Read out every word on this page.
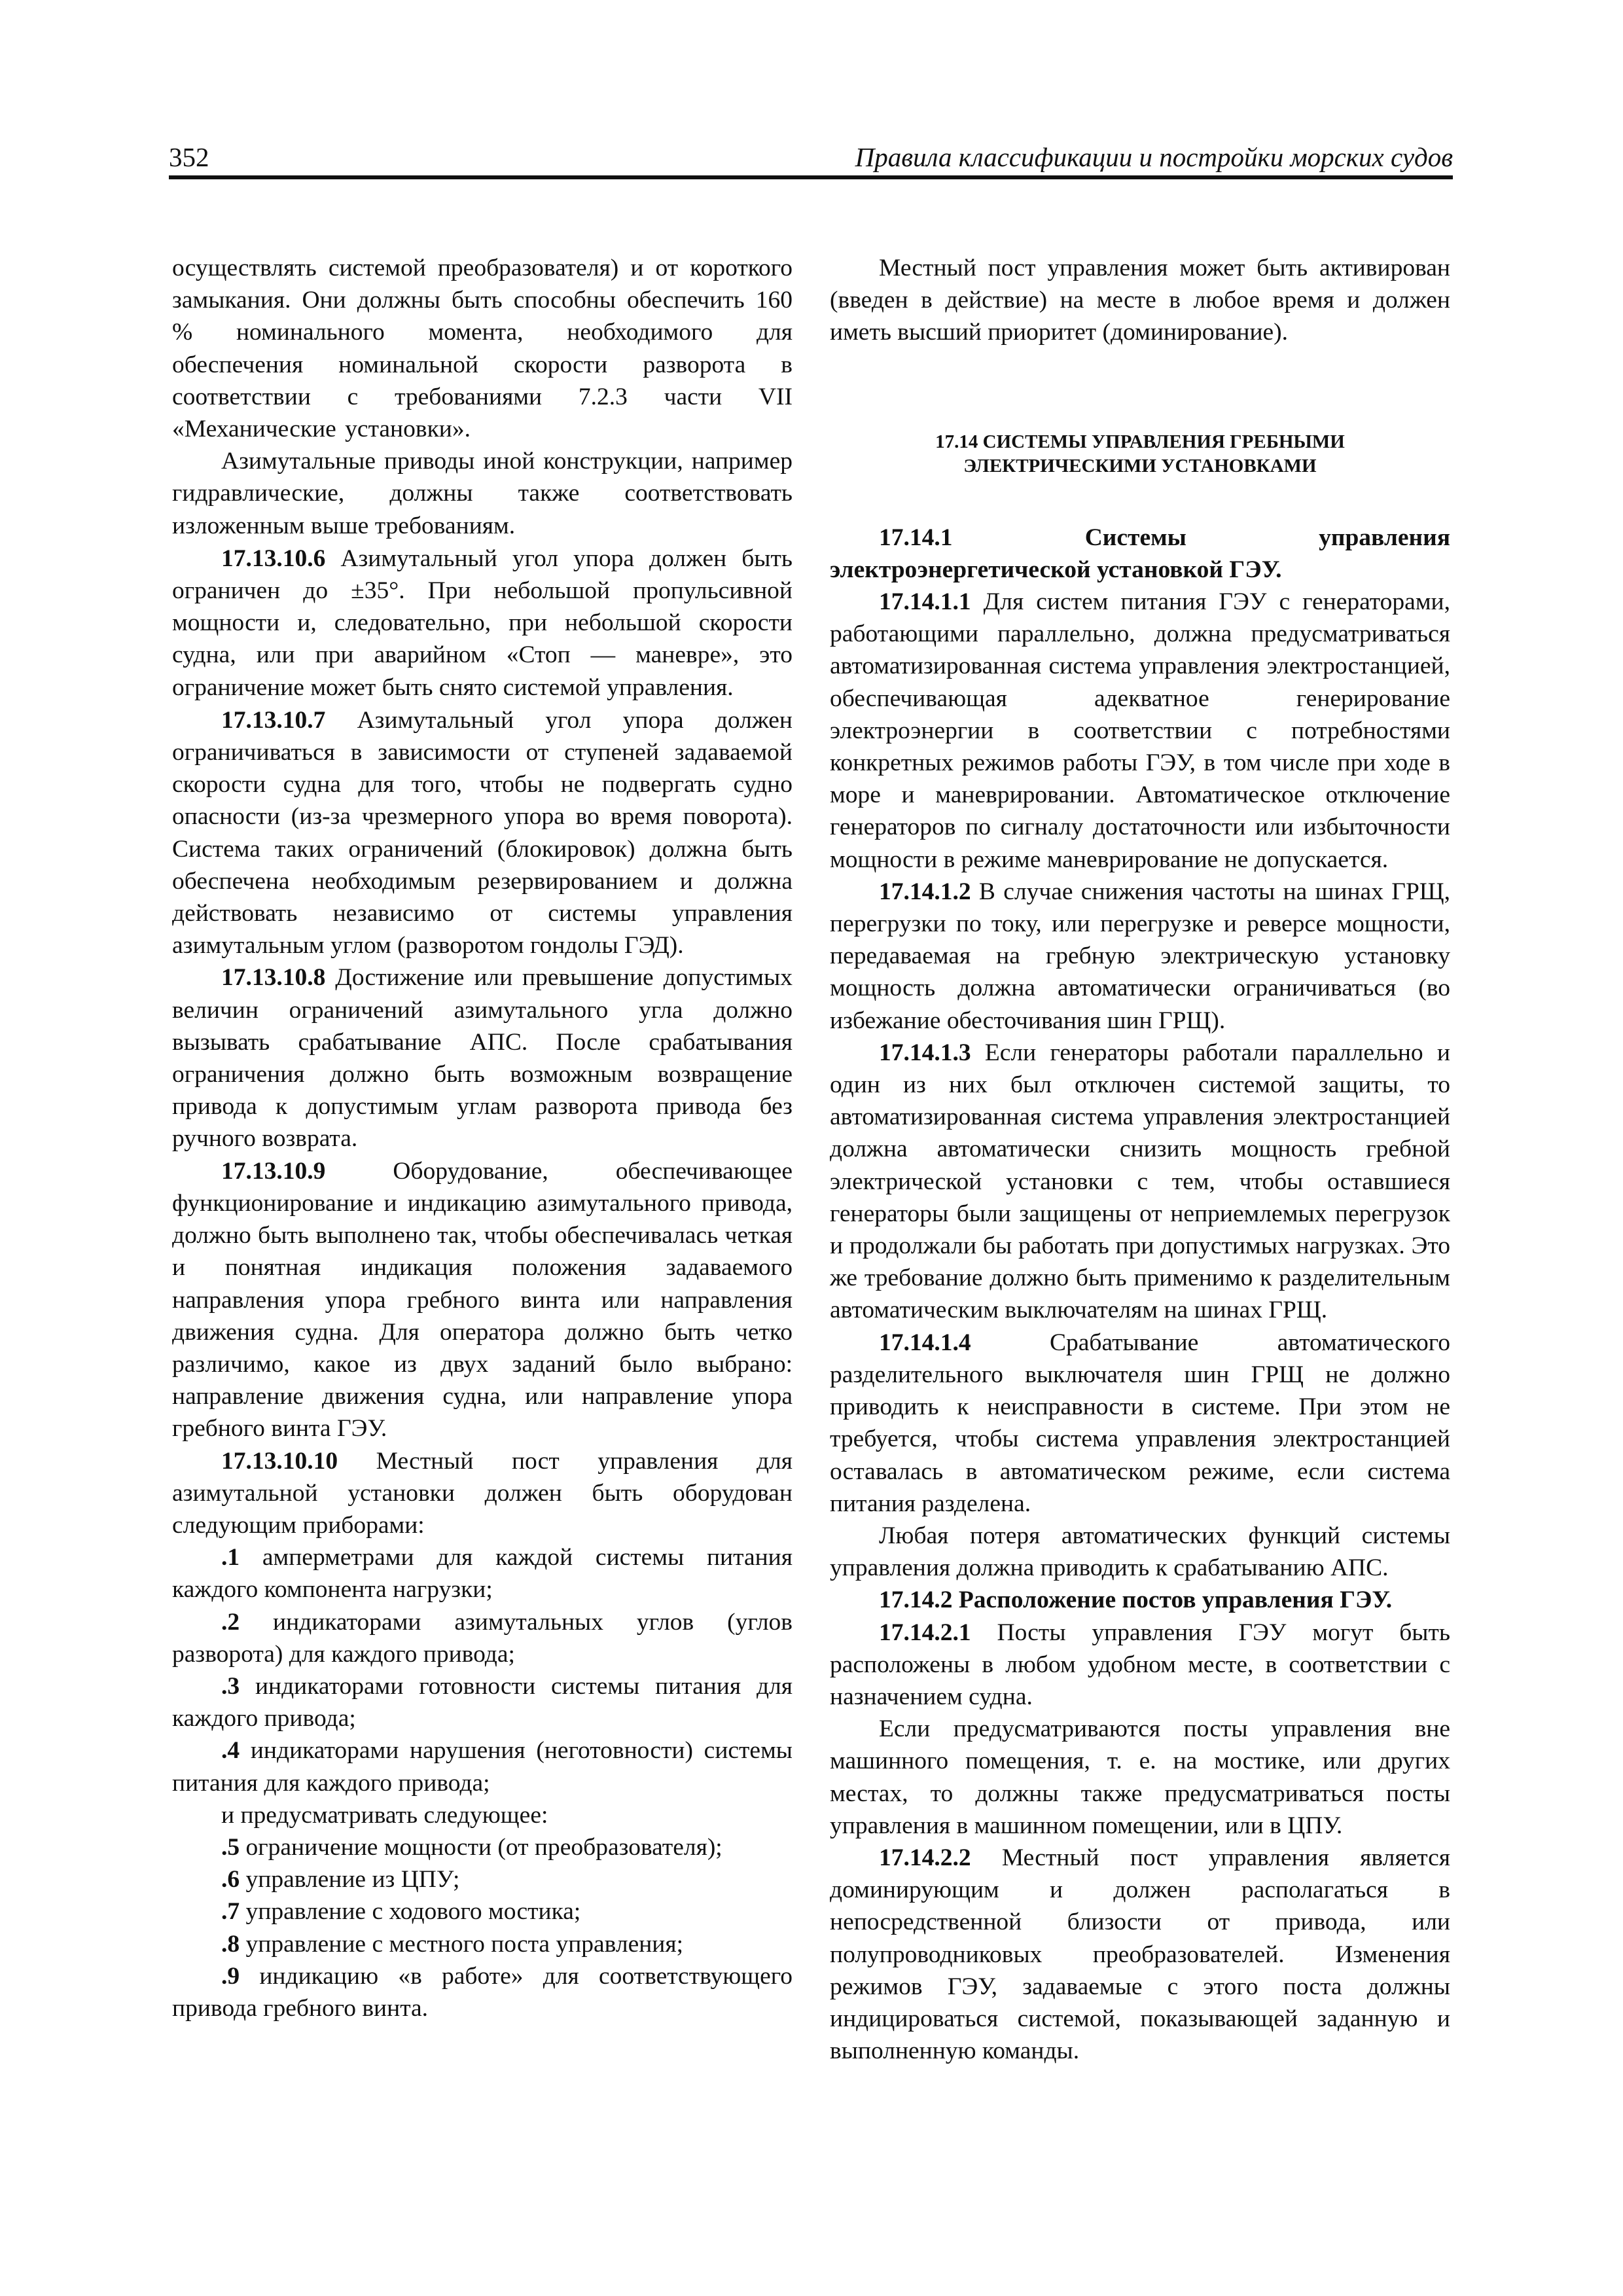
352	Правила классификации и постройки морских судов

осуществлять системой преобразователя) и от короткого замыкания. Они должны быть способны обеспечить 160 % номинального момента, необходимого для обеспечения номинальной скорости разворота в соответствии с требованиями 7.2.3 части VII «Механические установки».

Азимутальные приводы иной конструкции, например гидравлические, должны также соответствовать изложенным выше требованиям.

17.13.10.6 Азимутальный угол упора должен быть ограничен до ±35°. При небольшой пропульсивной мощности и, следовательно, при небольшой скорости судна, или при аварийном «Стоп — маневре», это ограничение может быть снято системой управления.

17.13.10.7 Азимутальный угол упора должен ограничиваться в зависимости от ступеней задаваемой скорости судна для того, чтобы не подвергать судно опасности (из-за чрезмерного упора во время поворота). Система таких ограничений (блокировок) должна быть обеспечена необходимым резервированием и должна действовать независимо от системы управления азимутальным углом (разворотом гондолы ГЭД).

17.13.10.8 Достижение или превышение допустимых величин ограничений азимутального угла должно вызывать срабатывание АПС. После срабатывания ограничения должно быть возможным возвращение привода к допустимым углам разворота привода без ручного возврата.

17.13.10.9 Оборудование, обеспечивающее функционирование и индикацию азимутального привода, должно быть выполнено так, чтобы обеспечивалась четкая и понятная индикация положения задаваемого направления упора гребного винта или направления движения судна. Для оператора должно быть четко различимо, какое из двух заданий было выбрано: направление движения судна, или направление упора гребного винта ГЭУ.

17.13.10.10 Местный пост управления для азимутальной установки должен быть оборудован следующим приборами:

.1 амперметрами для каждой системы питания каждого компонента нагрузки;

.2 индикаторами азимутальных углов (углов разворота) для каждого привода;

.3 индикаторами готовности системы питания для каждого привода;

.4 индикаторами нарушения (неготовности) системы питания для каждого привода;

и предусматривать следующее:

.5 ограничение мощности (от преобразователя);

.6 управление из ЦПУ;

.7 управление с ходового мостика;

.8 управление с местного поста управления;

.9 индикацию «в работе» для соответствующего привода гребного винта.

Местный пост управления может быть активирован (введен в действие) на месте в любое время и должен иметь высший приоритет (доминирование).

17.14 СИСТЕМЫ УПРАВЛЕНИЯ ГРЕБНЫМИ
ЭЛЕКТРИЧЕСКИМИ УСТАНОВКАМИ

17.14.1 Системы управления электроэнергетической установкой ГЭУ.

17.14.1.1 Для систем питания ГЭУ с генераторами, работающими параллельно, должна предусматриваться автоматизированная система управления электростанцией, обеспечивающая адекватное генерирование электроэнергии в соответствии с потребностями конкретных режимов работы ГЭУ, в том числе при ходе в море и маневрировании. Автоматическое отключение генераторов по сигналу достаточности или избыточности мощности в режиме маневрирование не допускается.

17.14.1.2 В случае снижения частоты на шинах ГРЩ, перегрузки по току, или перегрузке и реверсе мощности, передаваемая на гребную электрическую установку мощность должна автоматически ограничиваться (во избежание обесточивания шин ГРЩ).

17.14.1.3 Если генераторы работали параллельно и один из них был отключен системой защиты, то автоматизированная система управления электростанцией должна автоматически снизить мощность гребной электрической установки с тем, чтобы оставшиеся генераторы были защищены от неприемлемых перегрузок и продолжали бы работать при допустимых нагрузках. Это же требование должно быть применимо к разделительным автоматическим выключателям на шинах ГРЩ.

17.14.1.4 Срабатывание автоматического разделительного выключателя шин ГРЩ не должно приводить к неисправности в системе. При этом не требуется, чтобы система управления электростанцией оставалась в автоматическом режиме, если система питания разделена.

Любая потеря автоматических функций системы управления должна приводить к срабатыванию АПС.

17.14.2 Расположение постов управления ГЭУ.

17.14.2.1 Посты управления ГЭУ могут быть расположены в любом удобном месте, в соответствии с назначением судна.

Если предусматриваются посты управления вне машинного помещения, т. е. на мостике, или других местах, то должны также предусматриваться посты управления в машинном помещении, или в ЦПУ.

17.14.2.2 Местный пост управления является доминирующим и должен располагаться в непосредственной близости от привода, или полупроводниковых преобразователей. Изменения режимов ГЭУ, задаваемые с этого поста должны индицироваться системой, показывающей заданную и выполненную команды.
